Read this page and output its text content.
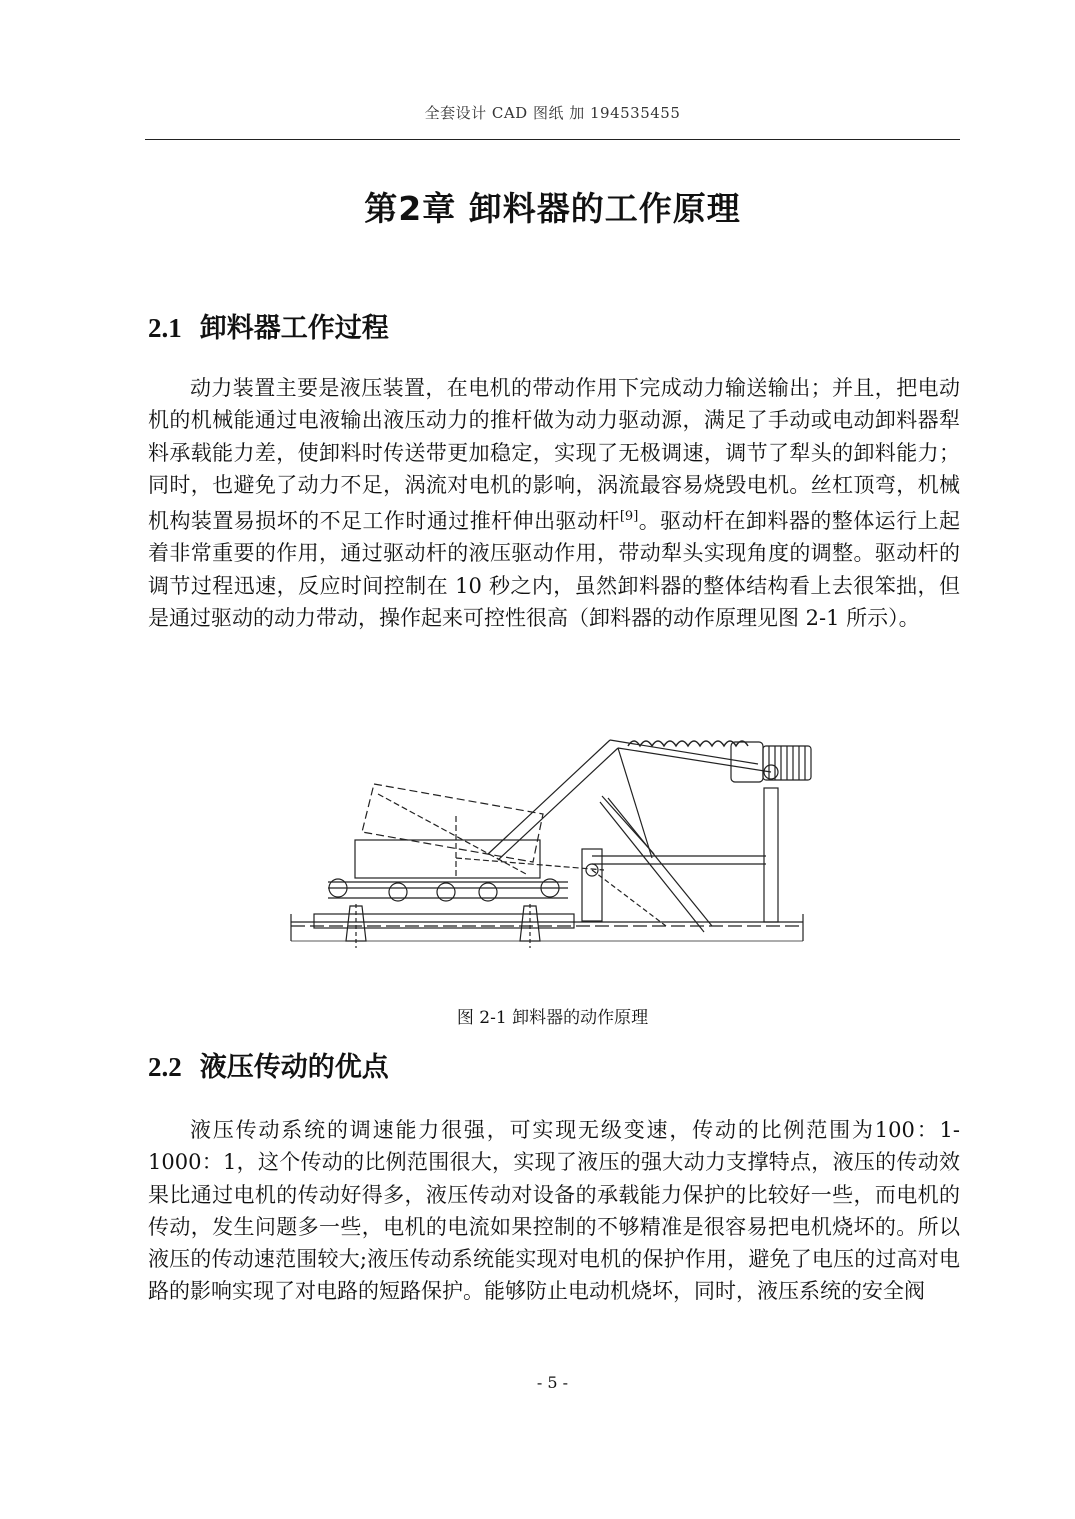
全套设计 CAD 图纸 加 194535455
第2章 卸料器的工作原理
2.1 卸料器工作过程
动力装置主要是液压装置，在电机的带动作用下完成动力输送输出；并且，把电动机的机械能通过电液输出液压动力的推杆做为动力驱动源，满足了手动或电动卸料器犁料承载能力差，使卸料时传送带更加稳定，实现了无极调速，调节了犁头的卸料能力；同时，也避免了动力不足，涡流对电机的影响，涡流最容易烧毁电机。丝杠顶弯，机械机构装置易损坏的不足工作时通过推杆伸出驱动杆[9]。驱动杆在卸料器的整体运行上起着非常重要的作用，通过驱动杆的液压驱动作用，带动犁头实现角度的调整。驱动杆的调节过程迅速，反应时间控制在 10 秒之内，虽然卸料器的整体结构看上去很笨拙，但是通过驱动的动力带动，操作起来可控性很高（卸料器的动作原理见图 2-1 所示）。
图 2-1 卸料器的动作原理
2.2 液压传动的优点
液压传动系统的调速能力很强，可实现无级变速，传动的比例范围为100：1-1000：1，这个传动的比例范围很大，实现了液压的强大动力支撑特点，液压的传动效果比通过电机的传动好得多，液压传动对设备的承载能力保护的比较好一些，而电机的传动，发生问题多一些，电机的电流如果控制的不够精准是很容易把电机烧坏的。所以液压的传动速范围较大;液压传动系统能实现对电机的保护作用，避免了电压的过高对电路的影响实现了对电路的短路保护。能够防止电动机烧坏，同时，液压系统的安全阀
- 5 -
